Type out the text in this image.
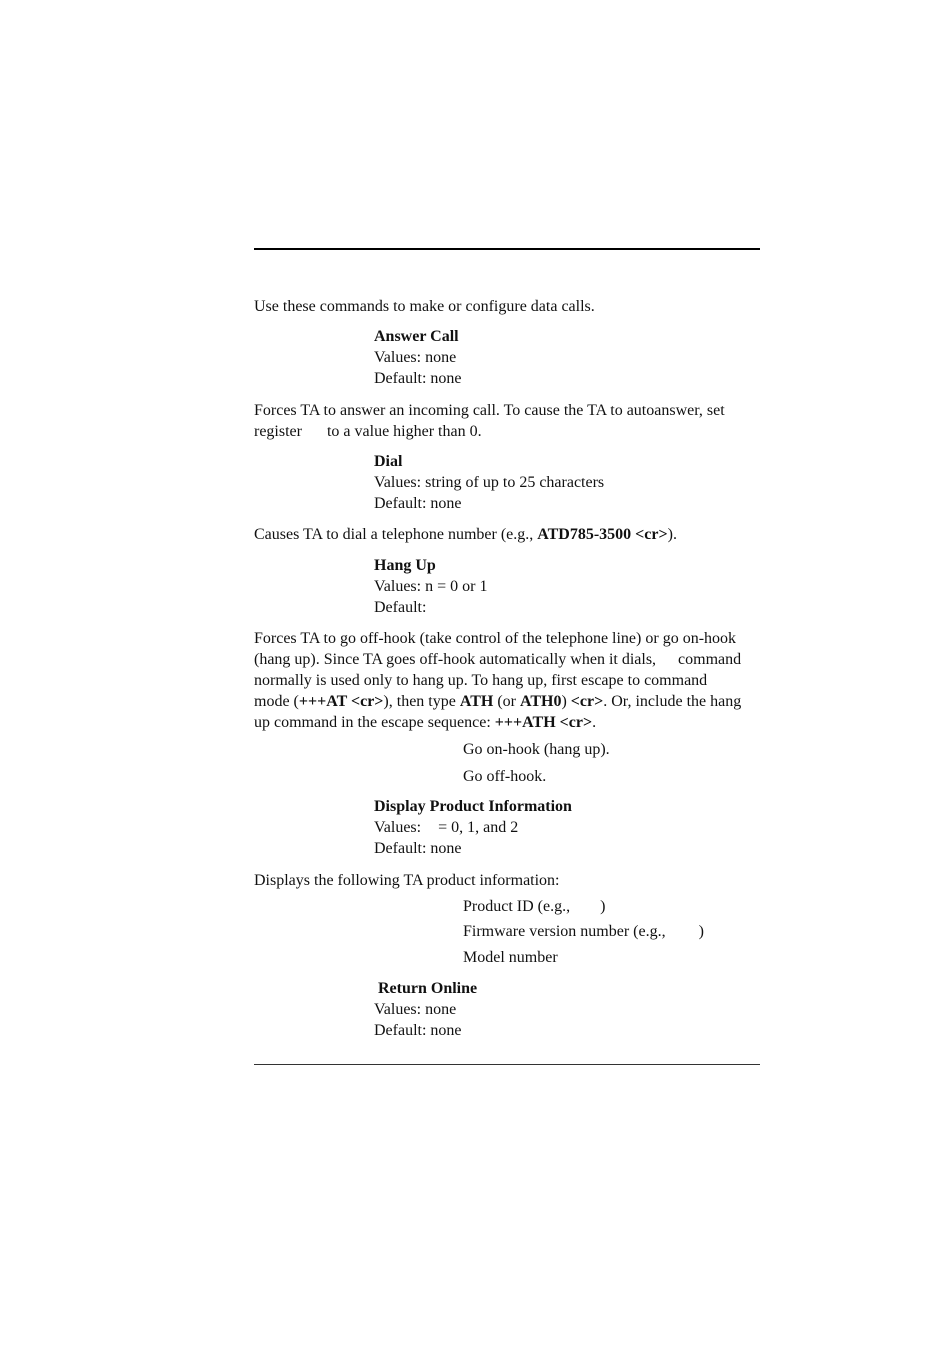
Use these commands to make or configure data calls.

Answer Call
Values: none
Default: none

Forces TA to answer an incoming call. To cause the TA to autoanswer, set
register to a value higher than 0.

Dial
Values: string of up to 25 characters
Default: none

Causes TA to dial a telephone number (e.g., ATD785-3500 <cr>).

Hang Up
Values: n = 0 or 1
Default:

Forces TA to go off-hook (take control of the telephone line) or go on-hook
(hang up). Since TA goes off-hook automatically when it dials, command
normally is used only to hang up. To hang up, first escape to command
mode (+++AT <cr>), then type ATH (or ATH0) <cr>. Or, include the hang
up command in the escape sequence: +++ATH <cr>.

Go on-hook (hang up).
Go off-hook.
Display Product Information
Values: = 0, 1, and 2
Default: none

Displays the following TA product information:

Product ID (e.g., )
Firmware version number (e.g., )
Model number
Return Online
Values: none
Default: none
